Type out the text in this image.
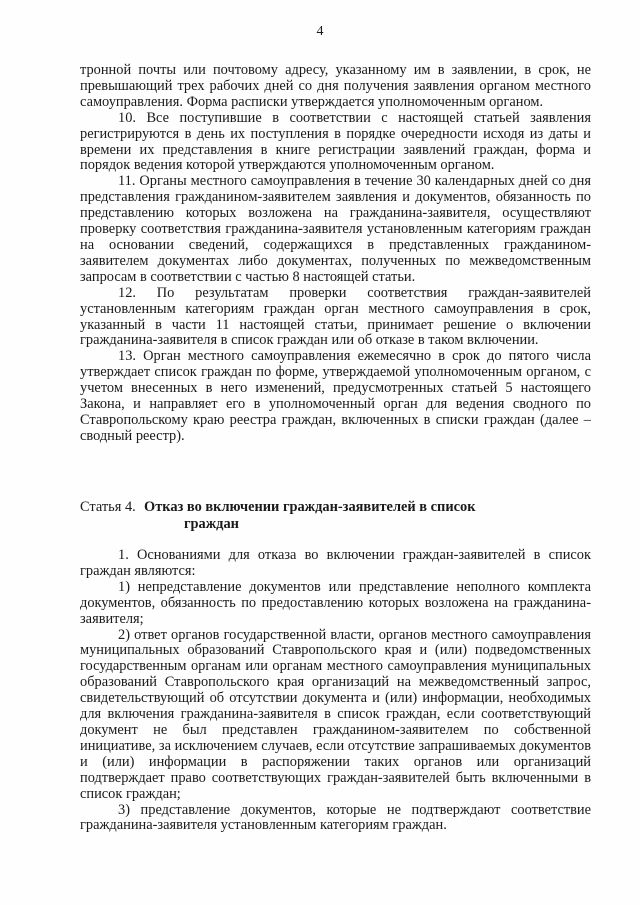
4

тронной почты или почтовому адресу, указанному им в заявлении, в срок, не превышающий трех рабочих дней со дня получения заявления органом местного самоуправления. Форма расписки утверждается уполномоченным органом.

10. Все поступившие в соответствии с настоящей статьей заявления регистрируются в день их поступления в порядке очередности исходя из даты и времени их представления в книге регистрации заявлений граждан, форма и порядок ведения которой утверждаются уполномоченным органом.

11. Органы местного самоуправления в течение 30 календарных дней со дня представления гражданином-заявителем заявления и документов, обязанность по представлению которых возложена на гражданина-заявителя, осуществляют проверку соответствия гражданина-заявителя установленным категориям граждан на основании сведений, содержащихся в представленных гражданином-заявителем документах либо документах, полученных по межведомственным запросам в соответствии с частью 8 настоящей статьи.

12. По результатам проверки соответствия граждан-заявителей установленным категориям граждан орган местного самоуправления в срок, указанный в части 11 настоящей статьи, принимает решение о включении гражданина-заявителя в список граждан или об отказе в таком включении.

13. Орган местного самоуправления ежемесячно в срок до пятого числа утверждает список граждан по форме, утверждаемой уполномоченным органом, с учетом внесенных в него изменений, предусмотренных статьей 5 настоящего Закона, и направляет его в уполномоченный орган для ведения сводного по Ставропольскому краю реестра граждан, включенных в списки граждан (далее – сводный реестр).

Статья 4. Отказ во включении граждан-заявителей в список
граждан

1. Основаниями для отказа во включении граждан-заявителей в список граждан являются:

1) непредставление документов или представление неполного комплекта документов, обязанность по предоставлению которых возложена на гражданина-заявителя;

2) ответ органов государственной власти, органов местного самоуправления муниципальных образований Ставропольского края и (или) подведомственных государственным органам или органам местного самоуправления муниципальных образований Ставропольского края организаций на межведомственный запрос, свидетельствующий об отсутствии документа и (или) информации, необходимых для включения гражданина-заявителя в список граждан, если соответствующий документ не был представлен гражданином-заявителем по собственной инициативе, за исключением случаев, если отсутствие запрашиваемых документов и (или) информации в распоряжении таких органов или организаций подтверждает право соответствующих граждан-заявителей быть включенными в список граждан;

3) представление документов, которые не подтверждают соответствие гражданина-заявителя установленным категориям граждан.
